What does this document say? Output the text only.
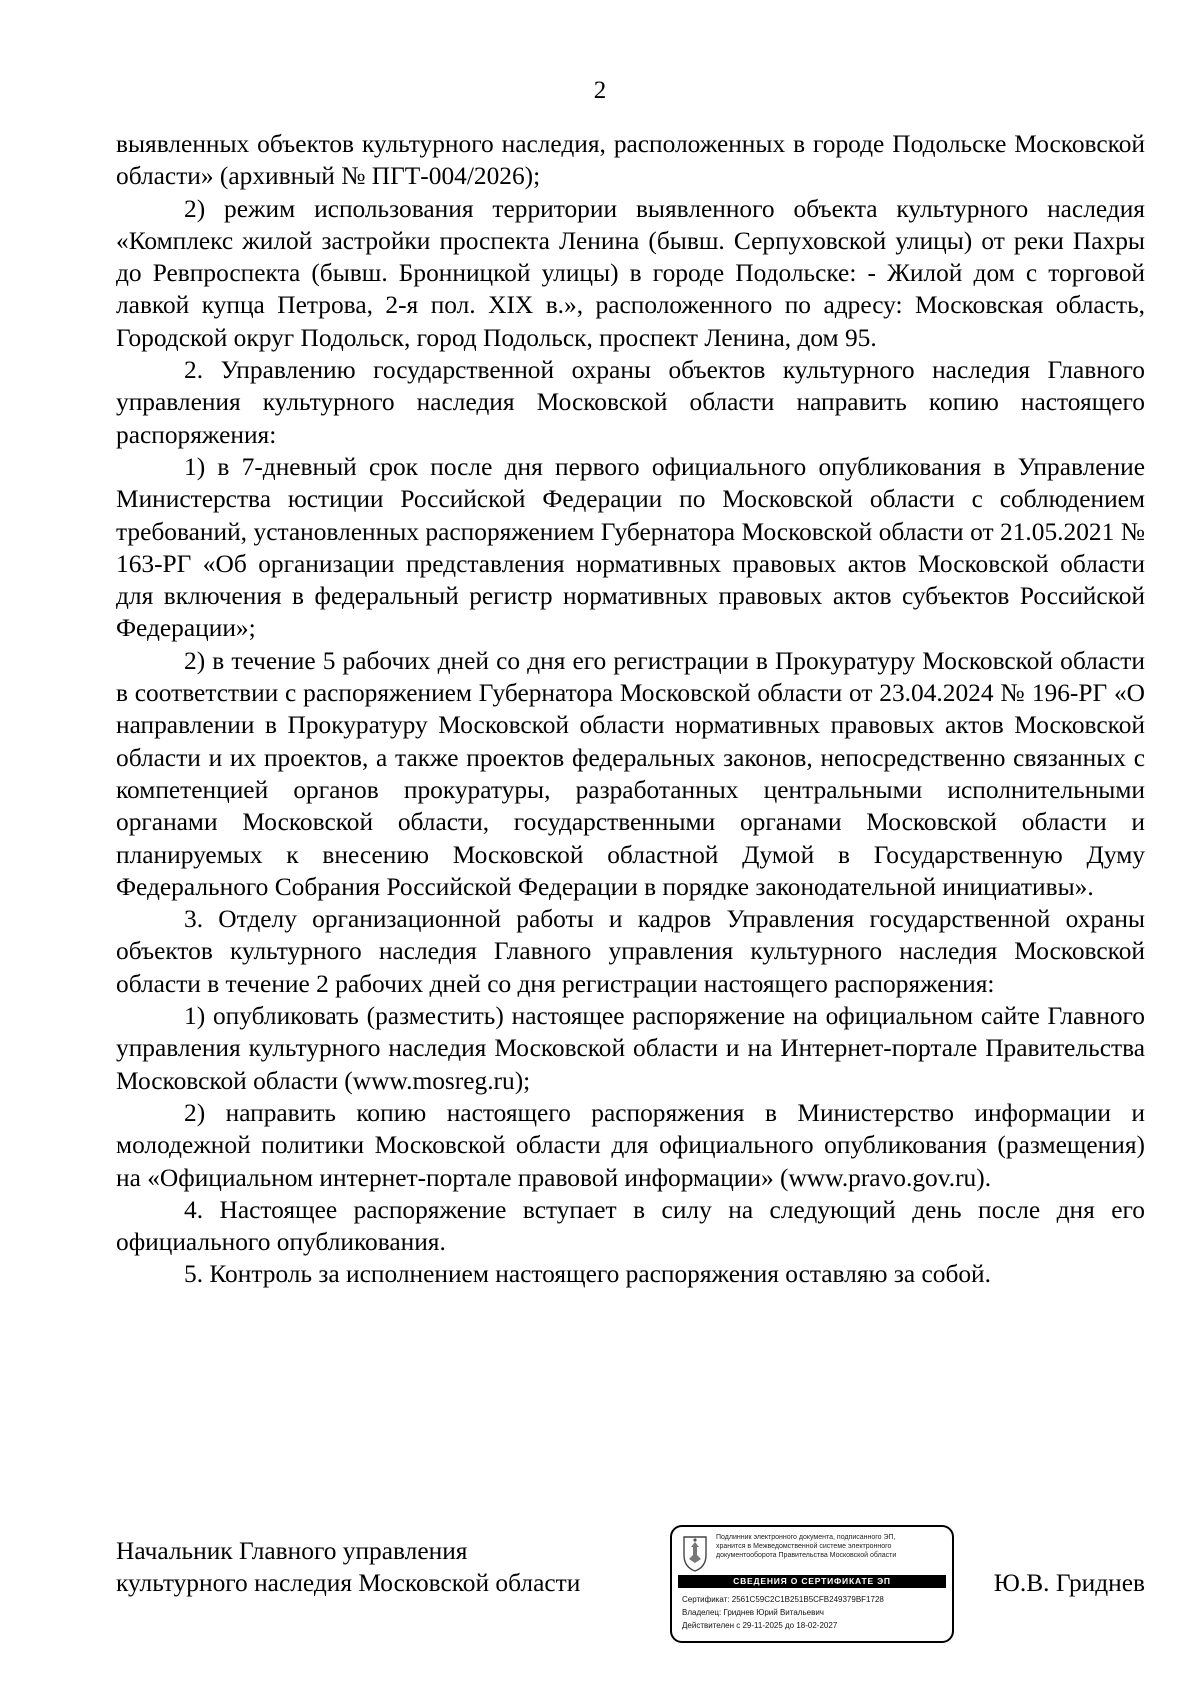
2

выявленных объектов культурного наследия, расположенных в городе Подольске Московской области» (архивный № ПГТ-004/2026);

2) режим использования территории выявленного объекта культурного наследия «Комплекс жилой застройки проспекта Ленина (бывш. Серпуховской улицы) от реки Пахры до Ревпроспекта (бывш. Бронницкой улицы) в городе Подольске: - Жилой дом с торговой лавкой купца Петрова, 2-я пол. XIX в.», расположенного по адресу: Московская область, Городской округ Подольск, город Подольск, проспект Ленина, дом 95.

2. Управлению государственной охраны объектов культурного наследия Главного управления культурного наследия Московской области направить копию настоящего распоряжения:

1) в 7-дневный срок после дня первого официального опубликования в Управление Министерства юстиции Российской Федерации по Московской области с соблюдением требований, установленных распоряжением Губернатора Московской области от 21.05.2021 № 163-РГ «Об организации представления нормативных правовых актов Московской области для включения в федеральный регистр нормативных правовых актов субъектов Российской Федерации»;

2) в течение 5 рабочих дней со дня его регистрации в Прокуратуру Московской области в соответствии с распоряжением Губернатора Московской области от 23.04.2024 № 196-РГ «О направлении в Прокуратуру Московской области нормативных правовых актов Московской области и их проектов, а также проектов федеральных законов, непосредственно связанных с компетенцией органов прокуратуры, разработанных центральными исполнительными органами Московской области, государственными органами Московской области и планируемых к внесению Московской областной Думой в Государственную Думу Федерального Собрания Российской Федерации в порядке законодательной инициативы».

3. Отделу организационной работы и кадров Управления государственной охраны объектов культурного наследия Главного управления культурного наследия Московской области в течение 2 рабочих дней со дня регистрации настоящего распоряжения:

1) опубликовать (разместить) настоящее распоряжение на официальном сайте Главного управления культурного наследия Московской области и на Интернет-портале Правительства Московской области (www.mosreg.ru);

2) направить копию настоящего распоряжения в Министерство информации и молодежной политики Московской области для официального опубликования (размещения) на «Официальном интернет-портале правовой информации» (www.pravo.gov.ru).

4. Настоящее распоряжение вступает в силу на следующий день после дня его официального опубликования.

5. Контроль за исполнением настоящего распоряжения оставляю за собой.

Начальник Главного управления
культурного наследия Московской области
Подлинник электронного документа, подписанного ЭП,
хранится в Межведомственной системе электронного
документооборота Правительства Московской области
СВЕДЕНИЯ О СЕРТИФИКАТЕ ЭП
Сертификат: 2561C59C2C1B251B5CFB249379BF1728
Владелец: Гриднев Юрий Витальевич
Действителен с 29-11-2025 до 18-02-2027
Ю.В. Гриднев
